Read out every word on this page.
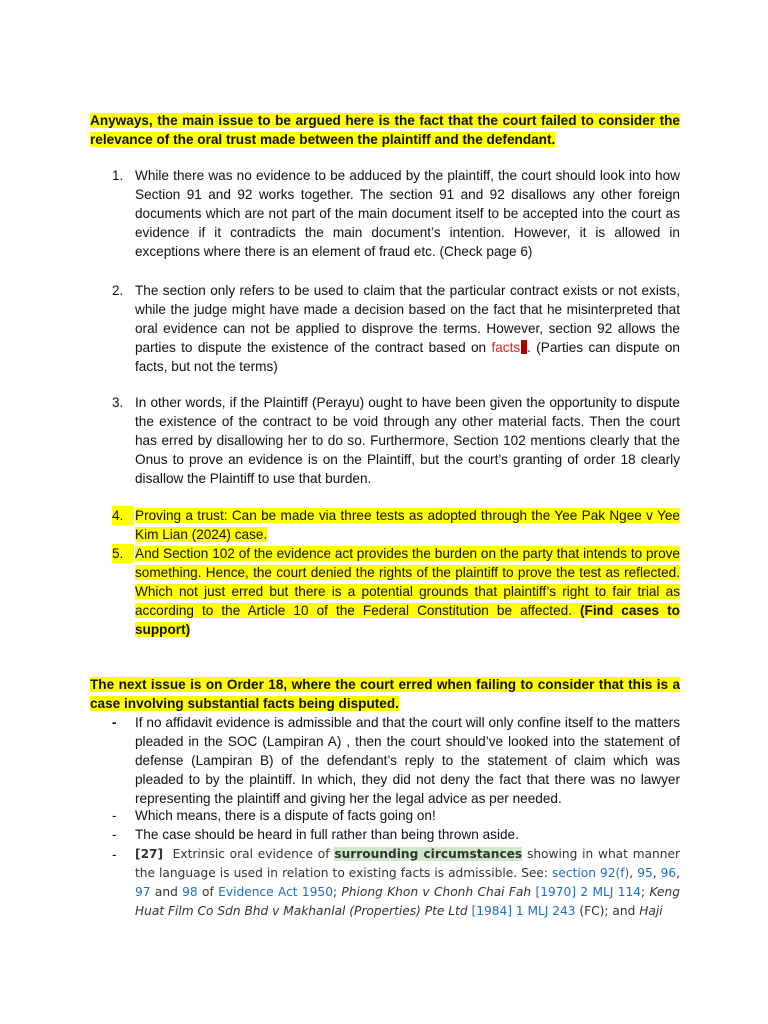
Anyways, the main issue to be argued here is the fact that the court failed to consider the relevance of the oral trust made between the plaintiff and the defendant.
1. While there was no evidence to be adduced by the plaintiff, the court should look into how Section 91 and 92 works together. The section 91 and 92 disallows any other foreign documents which are not part of the main document itself to be accepted into the court as evidence if it contradicts the main document’s intention. However, it is allowed in exceptions where there is an element of fraud etc. (Check page 6)
2. The section only refers to be used to claim that the particular contract exists or not exists, while the judge might have made a decision based on the fact that he misinterpreted that oral evidence can not be applied to disprove the terms. However, section 92 allows the parties to dispute the existence of the contract based on facts . (Parties can dispute on facts, but not the terms)
3. In other words, if the Plaintiff (Perayu) ought to have been given the opportunity to dispute the existence of the contract to be void through any other material facts. Then the court has erred by disallowing her to do so. Furthermore, Section 102 mentions clearly that the Onus to prove an evidence is on the Plaintiff, but the court’s granting of order 18 clearly disallow the Plaintiff to use that burden.
4. Proving a trust: Can be made via three tests as adopted through the Yee Pak Ngee v Yee Kim Lian (2024) case.
5. And Section 102 of the evidence act provides the burden on the party that intends to prove something. Hence, the court denied the rights of the plaintiff to prove the test as reflected. Which not just erred but there is a potential grounds that plaintiff’s right to fair trial as according to the Article 10 of the Federal Constitution be affected. (Find cases to support)
The next issue is on Order 18, where the court erred when failing to consider that this is a case involving substantial facts being disputed.
-	If no affidavit evidence is admissible and that the court will only confine itself to the matters pleaded in the SOC (Lampiran A) , then the court should’ve looked into the statement of defense (Lampiran B) of the defendant’s reply to the statement of claim which was pleaded to by the plaintiff. In which, they did not deny the fact that there was no lawyer representing the plaintiff and giving her the legal advice as per needed.
-	Which means, there is a dispute of facts going on!
-	The case should be heard in full rather than being thrown aside.
-	[27] Extrinsic oral evidence of surrounding circumstances showing in what manner the language is used in relation to existing facts is admissible. See: section 92(f), 95, 96, 97 and 98 of Evidence Act 1950; Phiong Khon v Chonh Chai Fah [1970] 2 MLJ 114; Keng Huat Film Co Sdn Bhd v Makhanlal (Properties) Pte Ltd [1984] 1 MLJ 243 (FC); and Haji
